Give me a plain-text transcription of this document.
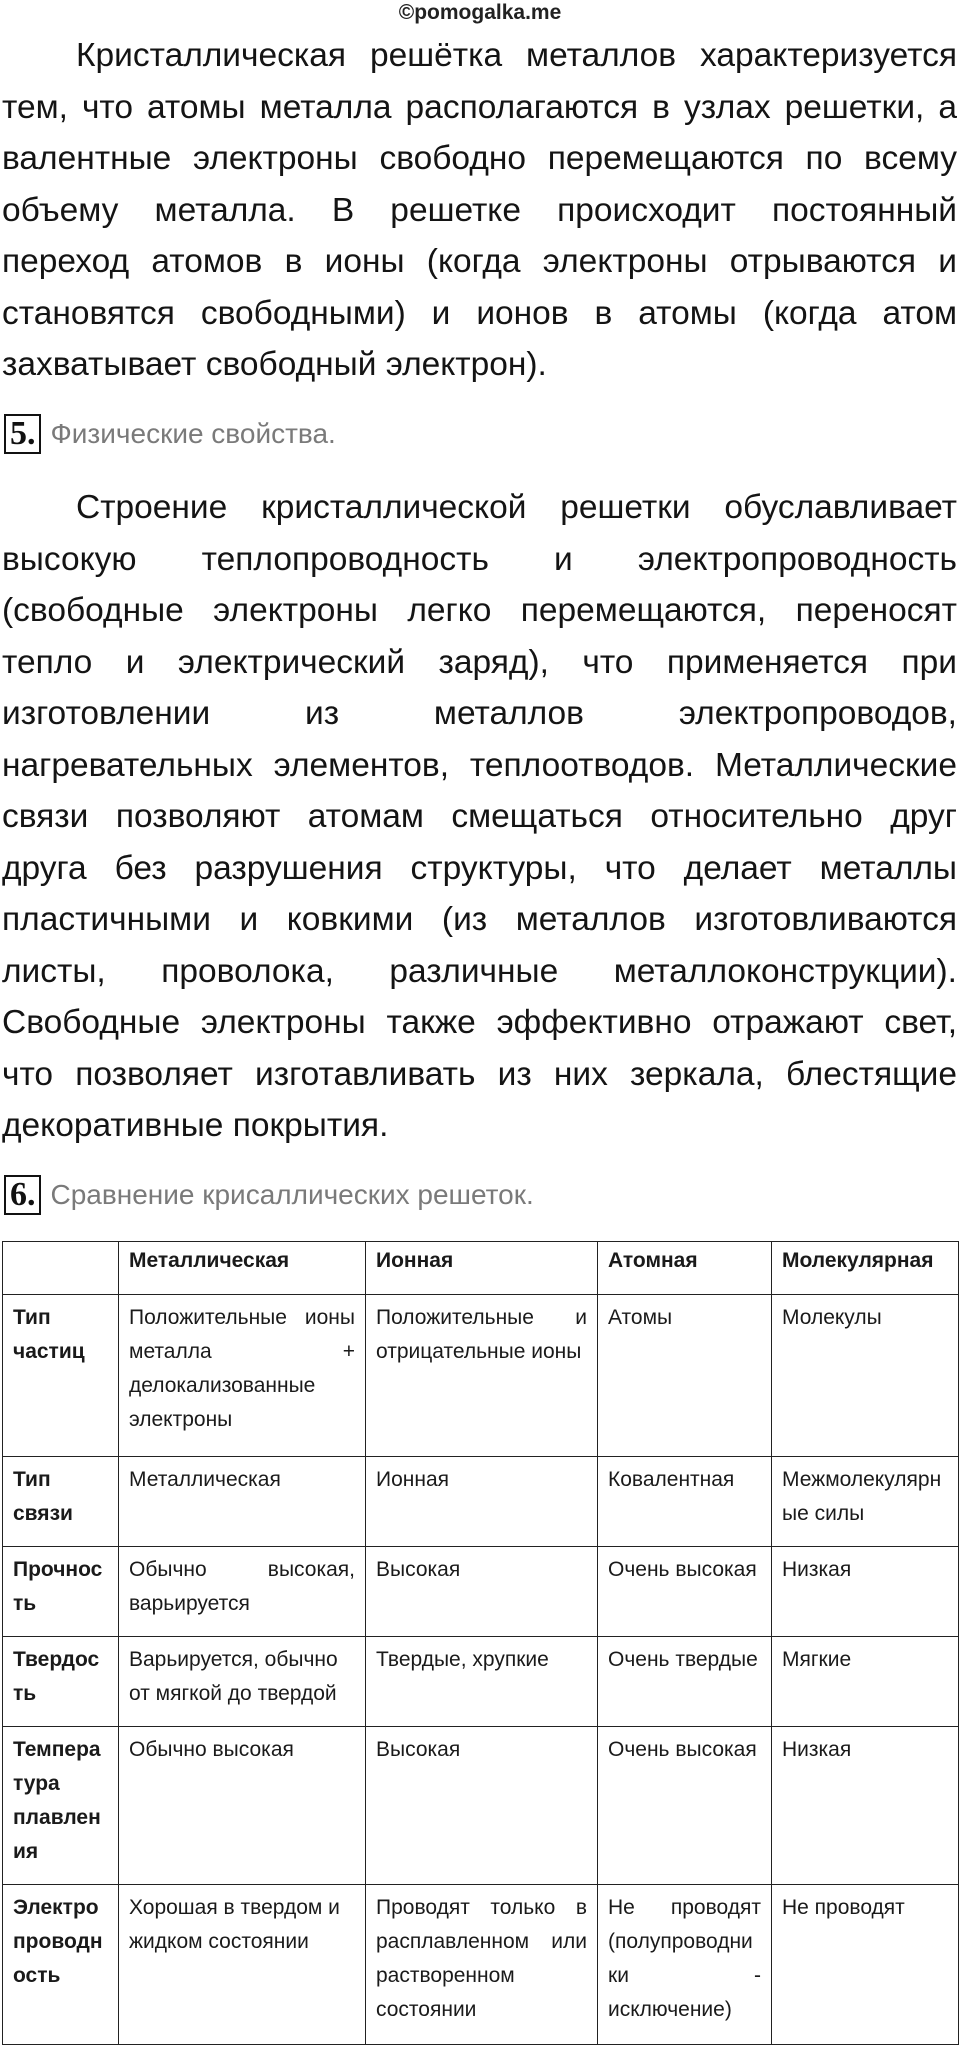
©pomogalka.me

Кристаллическая решётка металлов характеризуется тем, что атомы металла располагаются в узлах решетки, а валентные электроны свободно перемещаются по всему объему металла. В решетке происходит постоянный переход атомов в ионы (когда электроны отрываются и становятся свободными) и ионов в атомы (когда атом захватывает свободный электрон).

5. Физические свойства.

Строение кристаллической решетки обуславливает высокую теплопроводность и электропроводность (свободные электроны легко перемещаются, переносят тепло и электрический заряд), что применяется при изготовлении из металлов электропроводов, нагревательных элементов, теплоотводов. Металлические связи позволяют атомам смещаться относительно друг друга без разрушения структуры, что делает металлы пластичными и ковкими (из металлов изготовливаются листы, проволока, различные металлоконструкции). Свободные электроны также эффективно отражают свет, что позволяет изготавливать из них зеркала, блестящие декоративные покрытия.

6. Сравнение крисаллических решеток.
	Металлическая	Ионная	Атомная	Молекулярная
Тип частиц	Положительные ионы металла + делокализованные электроны	Положительные и отрицательные ионы	Атомы	Молекулы
Тип связи	Металлическая	Ионная	Ковалентная	Межмолекулярные силы
Прочность	Обычно высокая, варьируется	Высокая	Очень высокая	Низкая
Твердость	Варьируется, обычно от мягкой до твердой	Твердые, хрупкие	Очень твердые	Мягкие
Температура плавления	Обычно высокая	Высокая	Очень высокая	Низкая
Электропроводность	Хорошая в твердом и жидком состоянии	Проводят только в расплавленном или растворенном состоянии	Не проводят (полупроводники - исключение)	Не проводят
